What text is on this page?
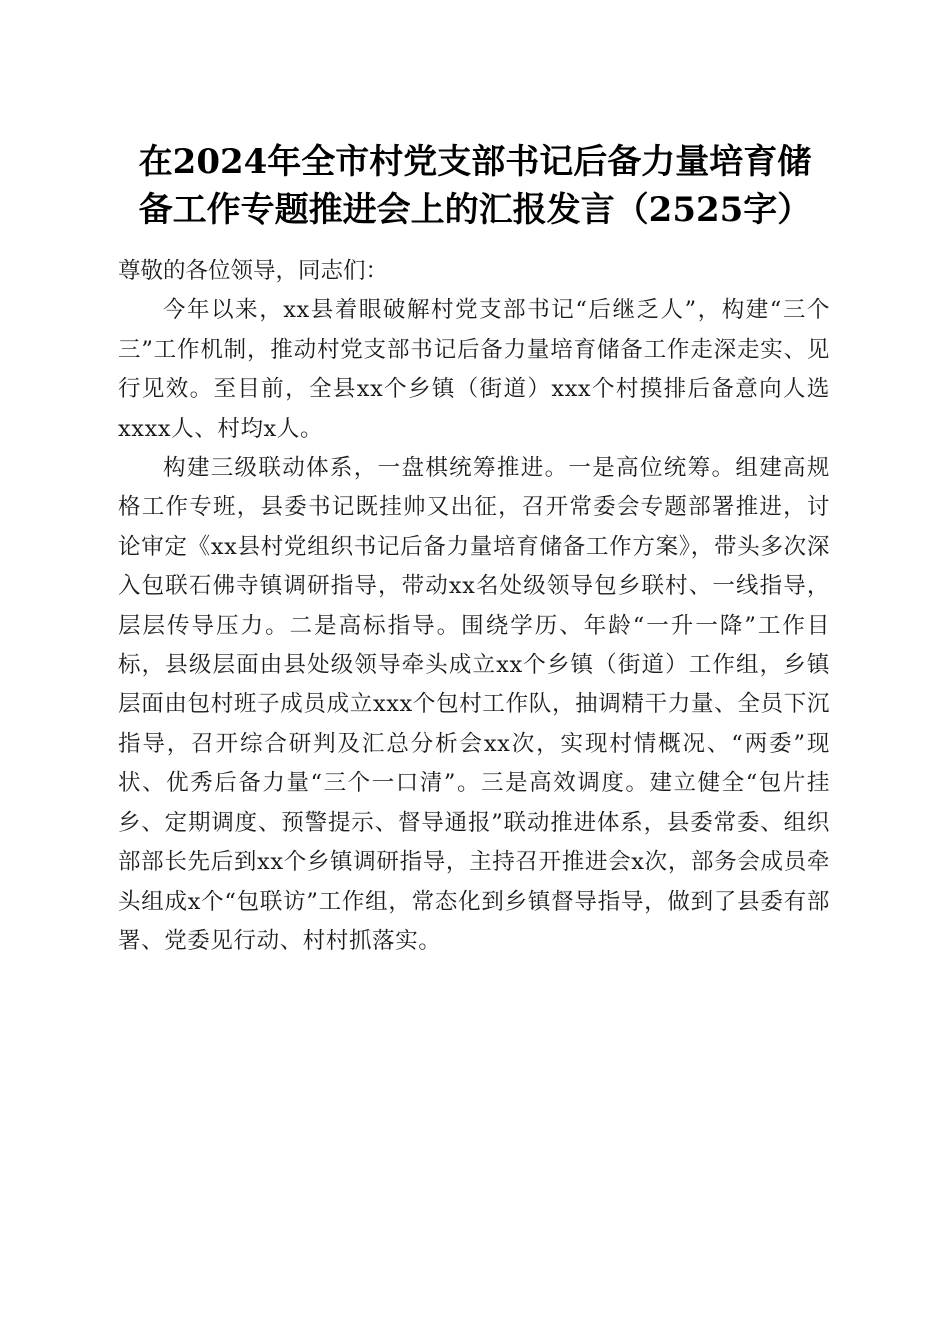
在2024年全市村党支部书记后备力量培育储
备工作专题推进会上的汇报发言（2525字）

尊敬的各位领导，同志们：

今年以来，xx县着眼破解村党支部书记“后继乏人”，构建“三个三”工作机制，推动村党支部书记后备力量培育储备工作走深走实、见行见效。至目前，全县xx个乡镇（街道）xxx个村摸排后备意向人选xxxx人、村均x人。

构建三级联动体系，一盘棋统筹推进。一是高位统筹。组建高规格工作专班，县委书记既挂帅又出征，召开常委会专题部署推进，讨论审定《xx县村党组织书记后备力量培育储备工作方案》，带头多次深入包联石佛寺镇调研指导，带动xx名处级领导包乡联村、一线指导，层层传导压力。二是高标指导。围绕学历、年龄“一升一降”工作目标，县级层面由县处级领导牵头成立xx个乡镇（街道）工作组，乡镇层面由包村班子成员成立xxx个包村工作队，抽调精干力量、全员下沉指导，召开综合研判及汇总分析会xx次，实现村情概况、“两委”现状、优秀后备力量“三个一口清”。三是高效调度。建立健全“包片挂乡、定期调度、预警提示、督导通报”联动推进体系，县委常委、组织部部长先后到xx个乡镇调研指导，主持召开推进会x次，部务会成员牵头组成x个“包联访”工作组，常态化到乡镇督导指导，做到了县委有部署、党委见行动、村村抓落实。
